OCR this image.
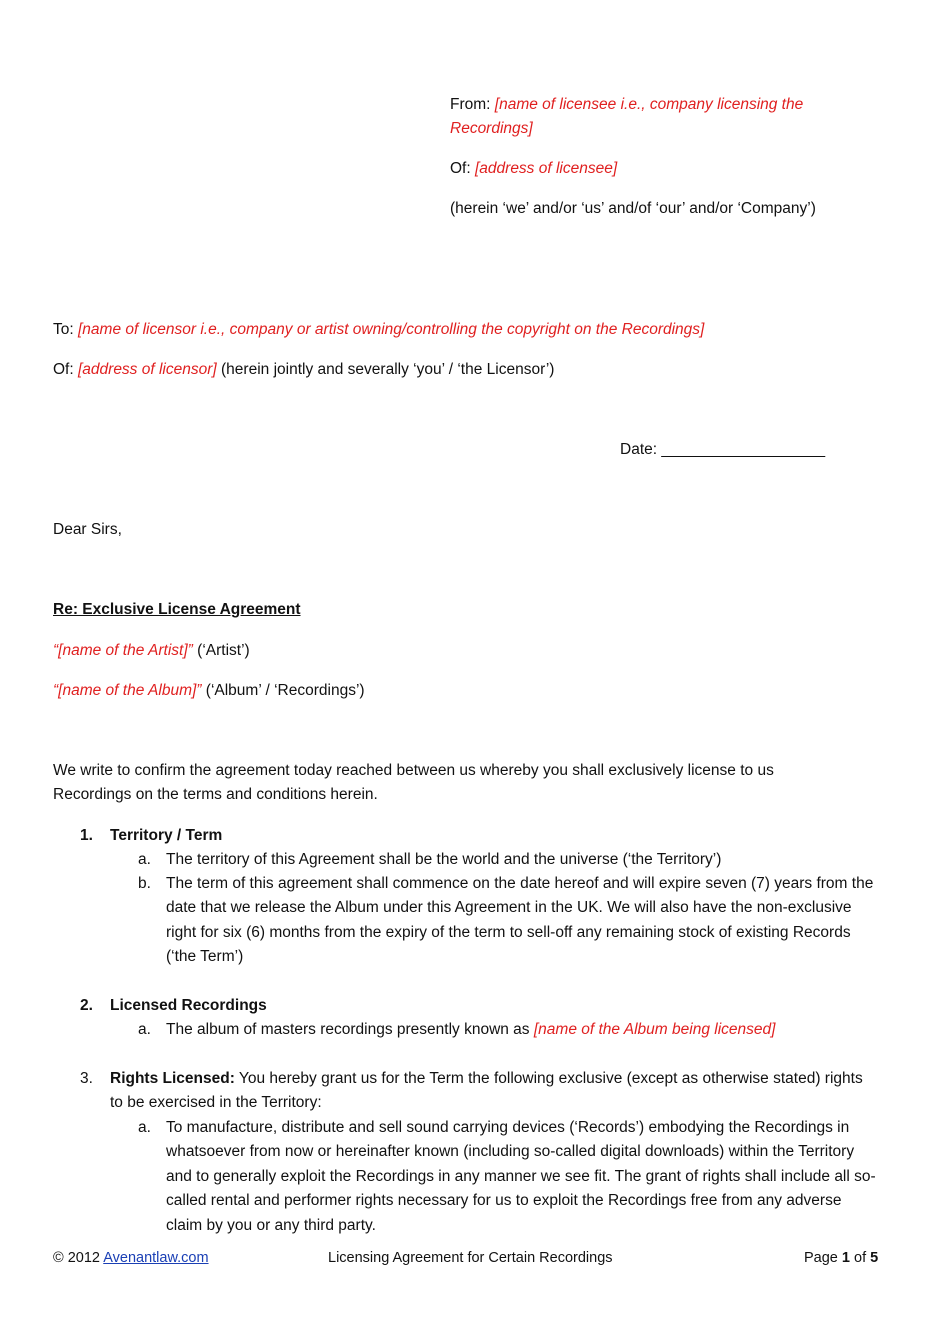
From: [name of licensee i.e., company licensing the Recordings]
Of: [address of licensee]
(herein ‘we’ and/or ‘us’ and/of ‘our’ and/or ‘Company’)
To: [name of licensor i.e., company or artist owning/controlling the copyright on the Recordings]
Of: [address of licensor] (herein jointly and severally ‘you’ / ‘the Licensor’)
Date: ___________________
Dear Sirs,
Re: Exclusive License Agreement
“[name of the Artist]” (‘Artist’)
“[name of the Album]” (‘Album’ / ‘Recordings’)
We write to confirm the agreement today reached between us whereby you shall exclusively license to us Recordings on the terms and conditions herein.
1. Territory / Term
a. The territory of this Agreement shall be the world and the universe (‘the Territory’)
b. The term of this agreement shall commence on the date hereof and will expire seven (7) years from the date that we release the Album under this Agreement in the UK. We will also have the non-exclusive right for six (6) months from the expiry of the term to sell-off any remaining stock of existing Records (‘the Term’)
2. Licensed Recordings
a. The album of masters recordings presently known as [name of the Album being licensed]
3. Rights Licensed: You hereby grant us for the Term the following exclusive (except as otherwise stated) rights to be exercised in the Territory:
a. To manufacture, distribute and sell sound carrying devices (‘Records’) embodying the Recordings in whatsoever from now or hereinafter known (including so-called digital downloads) within the Territory and to generally exploit the Recordings in any manner we see fit. The grant of rights shall include all so-called rental and performer rights necessary for us to exploit the Recordings free from any adverse claim by you or any third party.
© 2012 Avenantlaw.com	Licensing Agreement for Certain Recordings	Page 1 of 5
